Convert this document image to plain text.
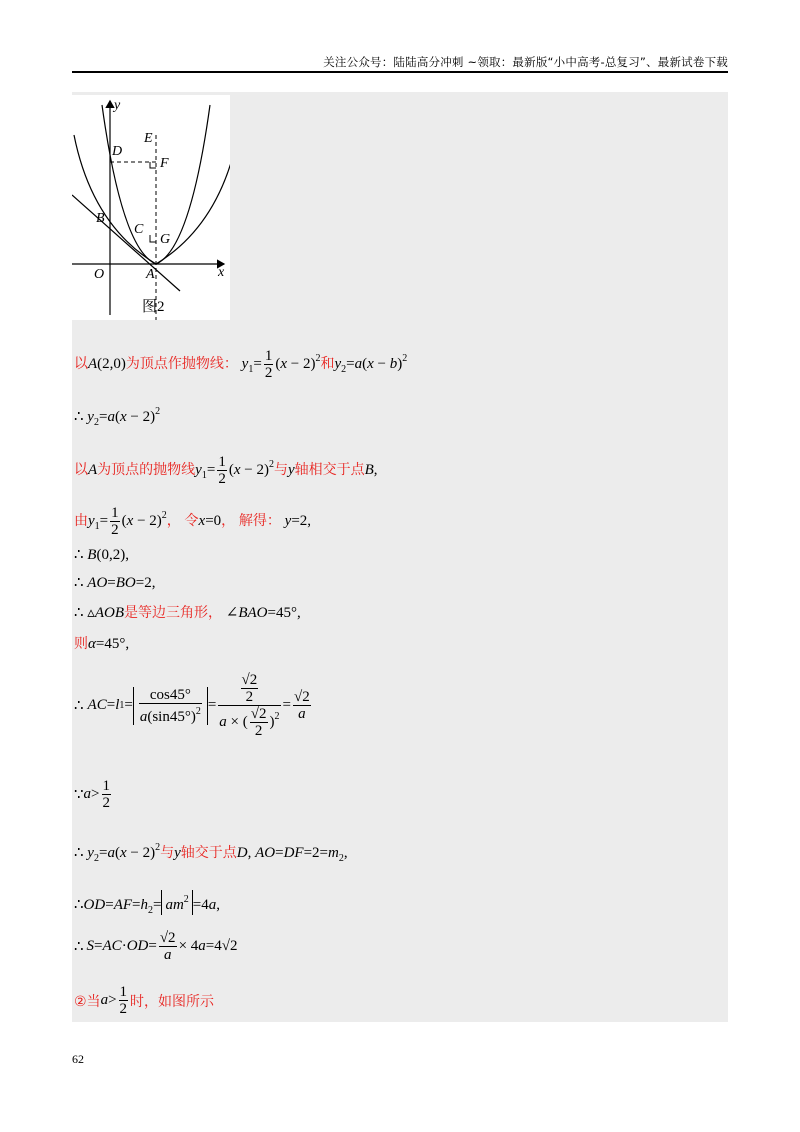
关注公众号：陆陆高分冲刺 ~领取：最新版“小中高考-总复习”、最新试卷下载
y
x
O	A
B
C
D
E
F
G
图2
以A(2,0)为顶点作抛物线： $y_1= \frac{1}{2} (x - 2)^2$和$y_2=a(x - b)^2$
∴ $y_2=a(x - 2)^2$
以A为顶点的抛物线$y_1= \frac{1}{2} (x - 2)^2$与y轴相交于点B,
由$y_1= \frac{1}{2} (x - 2)^2$， 令x=0， 解得： y=2,
∴ B(0,2),
∴ AO=BO=2,
∴ ▵AOB是等边三角形， ∠BAO=45°,
则α=45°,
∴ AC = l $1 = \frac{\cos 45^\circ}{a(\sin 45^\circ)^2} = \frac{\frac{√2}{2}}{a \times ( \frac{√2}{2} )^2} = \frac{√2}{a}$
∵ $a > \frac{1}{2}$
∴ $y_2=a(x - 2)^2$与y轴交于点D, $AO=DF=2=m_2$,
$\therefore OD=AF=h_2= am^2 =4a$,
∴ S = AC · OD = $\frac{√2}{a} \times 4$ a =4√2
②当 $a > \frac{1}{2}$ 时，如图所示
62
